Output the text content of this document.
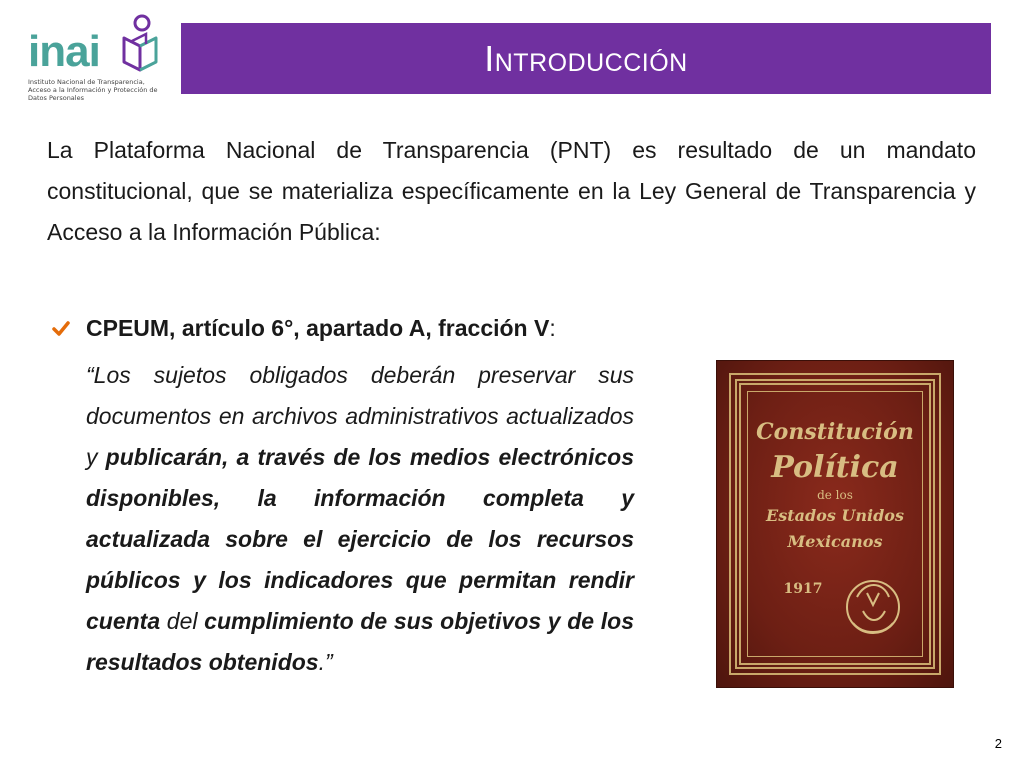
inai
Instituto Nacional de Transparencia, Acceso a la Información y Protección de Datos Personales
Introducción
La Plataforma Nacional de Transparencia (PNT) es resultado de un mandato constitucional, que se materializa específicamente en la Ley General de Transparencia y Acceso a la Información Pública:
CPEUM, artículo 6°, apartado A, fracción V:
“Los sujetos obligados deberán preservar sus documentos en archivos administrativos actualizados y publicarán, a través de los medios electrónicos disponibles, la información completa y actualizada sobre el ejercicio de los recursos públicos y los indicadores que permitan rendir cuenta del cumplimiento de sus objetivos y de los resultados obtenidos.”
Constitución
Política
de los
Estados Unidos
Mexicanos
1917
2
